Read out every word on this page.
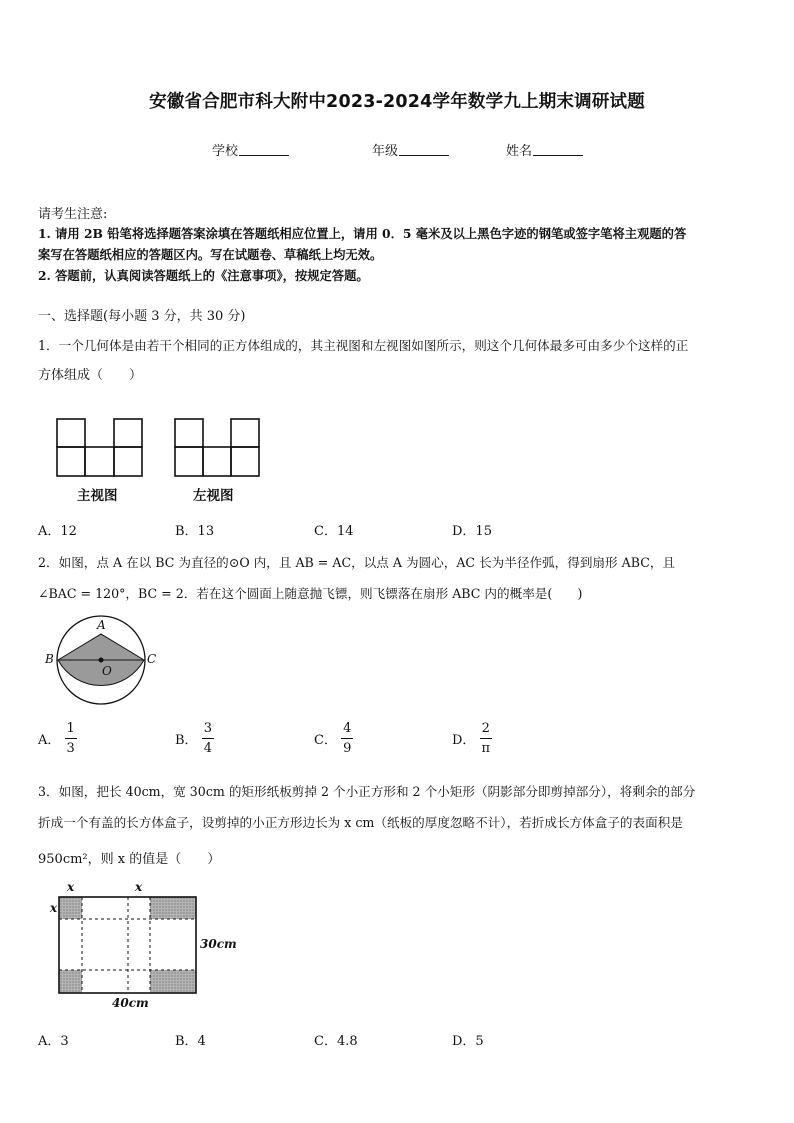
安徽省合肥市科大附中2023-2024学年数学九上期末调研试题
学校	年级	姓名
请考生注意:
1. 请用 2B 铅笔将选择题答案涂填在答题纸相应位置上，请用 0．5 毫米及以上黑色字迹的钢笔或签字笔将主观题的答
案写在答题纸相应的答题区内。写在试题卷、草稿纸上均无效。
2. 答题前，认真阅读答题纸上的《注意事项》，按规定答题。
一、选择题(每小题 3 分，共 30 分)
1．一个几何体是由若干个相同的正方体组成的，其主视图和左视图如图所示，则这个几何体最多可由多少个这样的正
方体组成（　　）
主视图	左视图
A．12	B．13	C．14	D．15
2．如图，点 A 在以 BC 为直径的⊙O 内，且 AB = AC，以点 A 为圆心，AC 长为半径作弧，得到扇形 ABC，且
∠BAC = 120°，BC = 2．若在这个圆面上随意抛飞镖，则飞镖落在扇形 ABC 内的概率是(　　)
A
B	C
O
A． $\frac{1}{3}$	B． $\frac{3}{4}$	C． $\frac{4}{9}$	D． $\frac{2}{\pi}$
3．如图，把长 40cm，宽 30cm 的矩形纸板剪掉 2 个小正方形和 2 个小矩形（阴影部分即剪掉部分），将剩余的部分
折成一个有盖的长方体盒子，设剪掉的小正方形边长为 x cm（纸板的厚度忽略不计），若折成长方体盒子的表面积是
950cm²，则 x 的值是（　　）
x	x
x
30cm
40cm
A．3	B．4	C．4.8	D．5
